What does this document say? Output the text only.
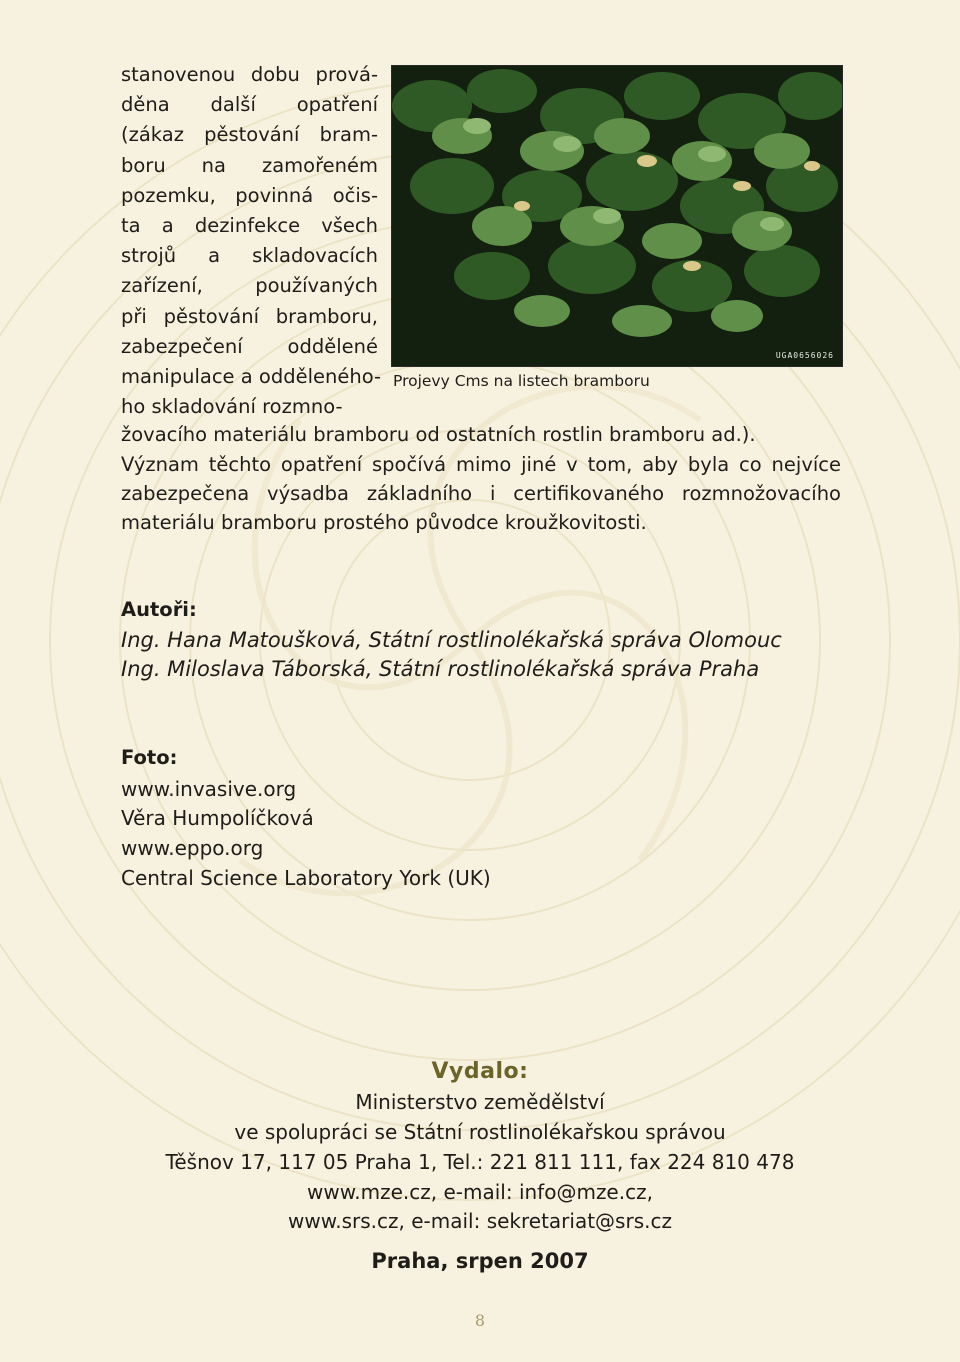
stanovenou dobu prová-
děna další opatření
(zákaz pěstování bram-
boru na zamořeném
pozemku, povinná očis-
ta a dezinfekce všech
strojů a skladovacích
zařízení, používaných
při pěstování bramboru,
zabezpečení oddělené
manipulace a odděleného-
ho skladování rozmno-
UGA0656026
Projevy Cms na listech bramboru
žovacího materiálu bramboru od ostatních rostlin bramboru ad.).
Význam těchto opatření spočívá mimo jiné v tom, aby byla co nejvíce
zabezpečena výsadba základního i certifikovaného rozmnožovacího
materiálu bramboru prostého původce kroužkovitosti.
Autoři:
Ing. Hana Matoušková, Státní rostlinolékařská správa Olomouc
Ing. Miloslava Táborská, Státní rostlinolékařská správa Praha
Foto:
www.invasive.org
Věra Humpolíčková
www.eppo.org
Central Science Laboratory York (UK)
Vydalo:
Ministerstvo zemědělství
ve spolupráci se Státní rostlinolékařskou správou
Těšnov 17, 117 05 Praha 1, Tel.: 221 811 111, fax 224 810 478
www.mze.cz, e-mail: info@mze.cz,
www.srs.cz, e-mail: sekretariat@srs.cz
Praha, srpen 2007
8
